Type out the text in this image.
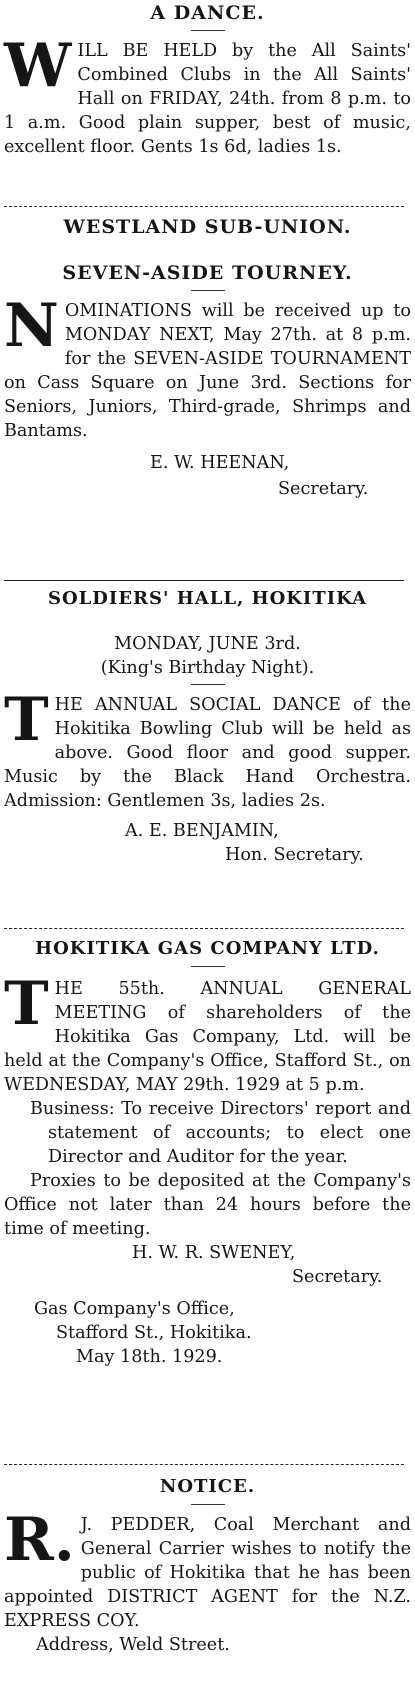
A DANCE.

WILL BE HELD by the All Saints' Combined Clubs in the All Saints' Hall on FRIDAY, 24th. from 8 p.m. to 1 a.m. Good plain supper, best of music, excellent floor. Gents 1s 6d, ladies 1s.

WESTLAND SUB-UNION.
SEVEN-ASIDE TOURNEY.

NOMINATIONS will be received up to MONDAY NEXT, May 27th. at 8 p.m. for the SEVEN-ASIDE TOURNAMENT on Cass Square on June 3rd. Sections for Seniors, Juniors, Third-grade, Shrimps and Bantams.

E. W. HEENAN,

Secretary.

SOLDIERS' HALL, HOKITIKA

MONDAY, JUNE 3rd.

(King's Birthday Night).

THE ANNUAL SOCIAL DANCE of the Hokitika Bowling Club will be held as above. Good floor and good supper. Music by the Black Hand Orchestra. Admission: Gentlemen 3s, ladies 2s.

A. E. BENJAMIN,

Hon. Secretary.

HOKITIKA GAS COMPANY LTD.

THE 55th. ANNUAL GENERAL MEETING of shareholders of the Hokitika Gas Company, Ltd. will be held at the Company's Office, Stafford St., on WEDNESDAY, MAY 29th. 1929 at 5 p.m.

Business: To receive Directors' report and statement of accounts; to elect one Director and Auditor for the year.

Proxies to be deposited at the Company's Office not later than 24 hours before the time of meeting.

H. W. R. SWENEY,

Secretary.

Gas Company's Office,

Stafford St., Hokitika.

May 18th. 1929.

NOTICE.

R. J. PEDDER, Coal Merchant and General Carrier wishes to notify the public of Hokitika that he has been appointed DISTRICT AGENT for the N.Z. EXPRESS COY.

Address, Weld Street.
